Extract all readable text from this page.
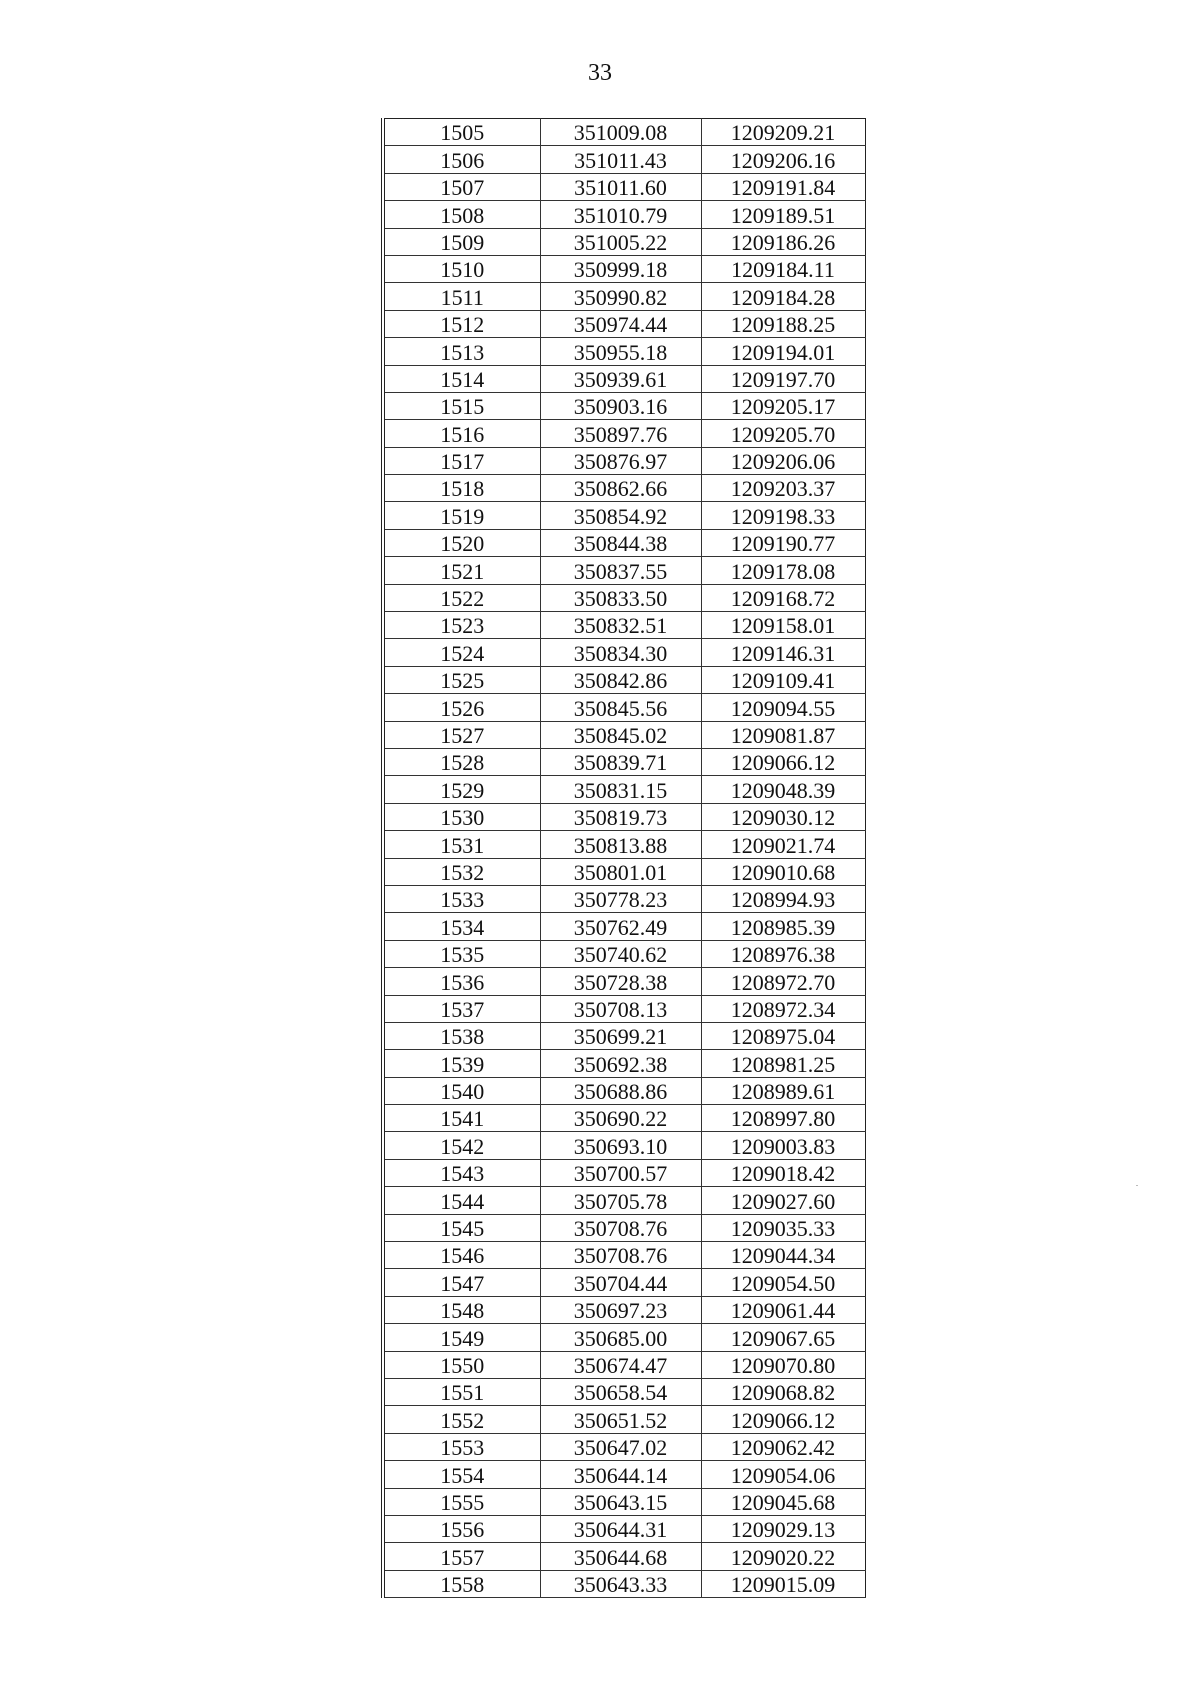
33
1505	351009.08	1209209.21
1506	351011.43	1209206.16
1507	351011.60	1209191.84
1508	351010.79	1209189.51
1509	351005.22	1209186.26
1510	350999.18	1209184.11
1511	350990.82	1209184.28
1512	350974.44	1209188.25
1513	350955.18	1209194.01
1514	350939.61	1209197.70
1515	350903.16	1209205.17
1516	350897.76	1209205.70
1517	350876.97	1209206.06
1518	350862.66	1209203.37
1519	350854.92	1209198.33
1520	350844.38	1209190.77
1521	350837.55	1209178.08
1522	350833.50	1209168.72
1523	350832.51	1209158.01
1524	350834.30	1209146.31
1525	350842.86	1209109.41
1526	350845.56	1209094.55
1527	350845.02	1209081.87
1528	350839.71	1209066.12
1529	350831.15	1209048.39
1530	350819.73	1209030.12
1531	350813.88	1209021.74
1532	350801.01	1209010.68
1533	350778.23	1208994.93
1534	350762.49	1208985.39
1535	350740.62	1208976.38
1536	350728.38	1208972.70
1537	350708.13	1208972.34
1538	350699.21	1208975.04
1539	350692.38	1208981.25
1540	350688.86	1208989.61
1541	350690.22	1208997.80
1542	350693.10	1209003.83
1543	350700.57	1209018.42
1544	350705.78	1209027.60
1545	350708.76	1209035.33
1546	350708.76	1209044.34
1547	350704.44	1209054.50
1548	350697.23	1209061.44
1549	350685.00	1209067.65
1550	350674.47	1209070.80
1551	350658.54	1209068.82
1552	350651.52	1209066.12
1553	350647.02	1209062.42
1554	350644.14	1209054.06
1555	350643.15	1209045.68
1556	350644.31	1209029.13
1557	350644.68	1209020.22
1558	350643.33	1209015.09
